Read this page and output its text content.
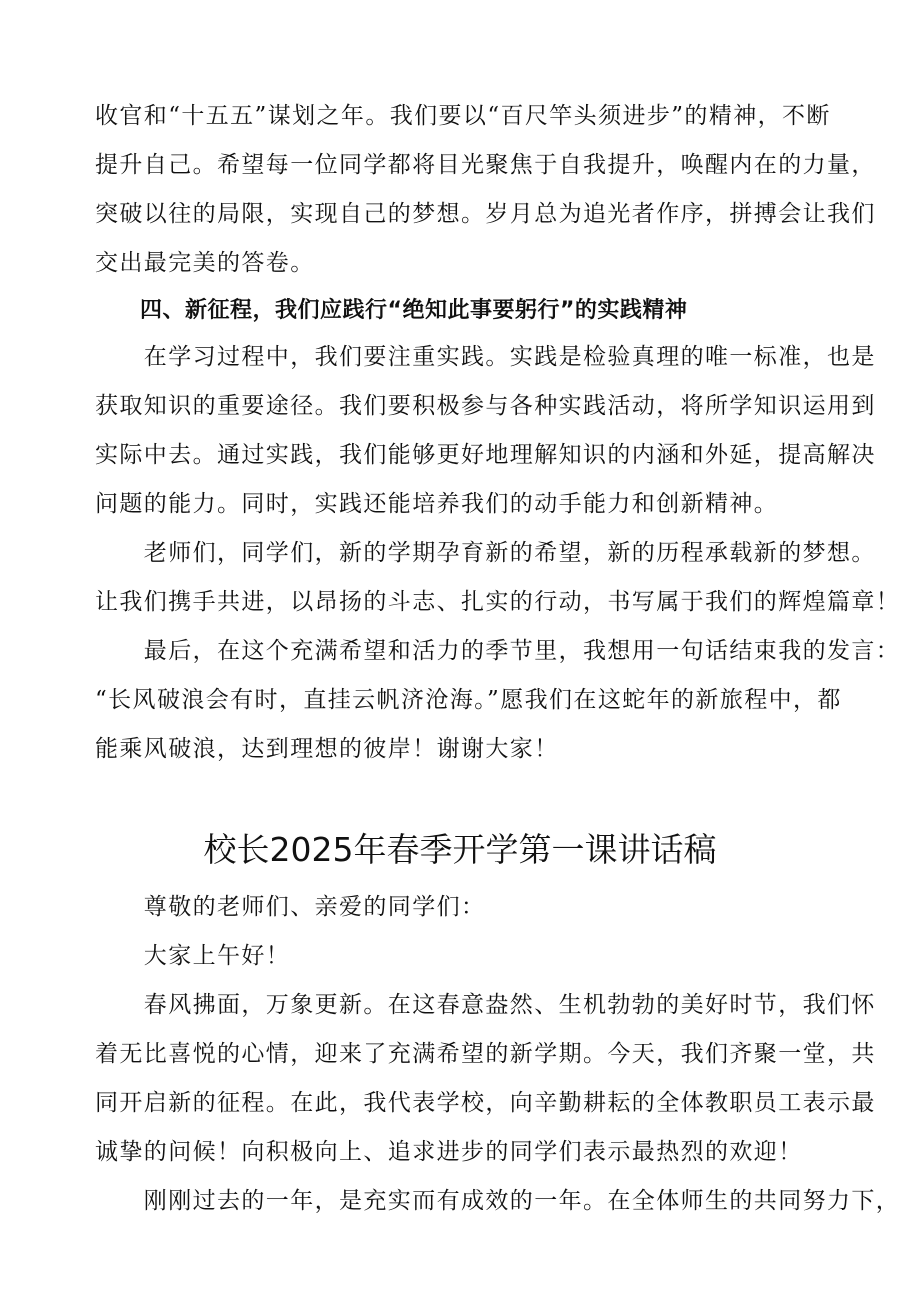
收官和“十五五”谋划之年。我们要以“百尺竿头须进步”的精神，不断
提升自己。希望每一位同学都将目光聚焦于自我提升，唤醒内在的力量，
突破以往的局限，实现自己的梦想。岁月总为追光者作序，拼搏会让我们
交出最完美的答卷。
四、新征程，我们应践行“绝知此事要躬行”的实践精神
　　在学习过程中，我们要注重实践。实践是检验真理的唯一标准，也是
获取知识的重要途径。我们要积极参与各种实践活动，将所学知识运用到
实际中去。通过实践，我们能够更好地理解知识的内涵和外延，提高解决
问题的能力。同时，实践还能培养我们的动手能力和创新精神。
　　老师们，同学们，新的学期孕育新的希望，新的历程承载新的梦想。
让我们携手共进，以昂扬的斗志、扎实的行动，书写属于我们的辉煌篇章！
　　最后，在这个充满希望和活力的季节里，我想用一句话结束我的发言：
“长风破浪会有时，直挂云帆济沧海。”愿我们在这蛇年的新旅程中，都
能乘风破浪，达到理想的彼岸！谢谢大家！
校长2025年春季开学第一课讲话稿
　　尊敬的老师们、亲爱的同学们：
　　大家上午好！
　　春风拂面，万象更新。在这春意盎然、生机勃勃的美好时节，我们怀
着无比喜悦的心情，迎来了充满希望的新学期。今天，我们齐聚一堂，共
同开启新的征程。在此，我代表学校，向辛勤耕耘的全体教职员工表示最
诚挚的问候！向积极向上、追求进步的同学们表示最热烈的欢迎！
　　刚刚过去的一年，是充实而有成效的一年。在全体师生的共同努力下，
